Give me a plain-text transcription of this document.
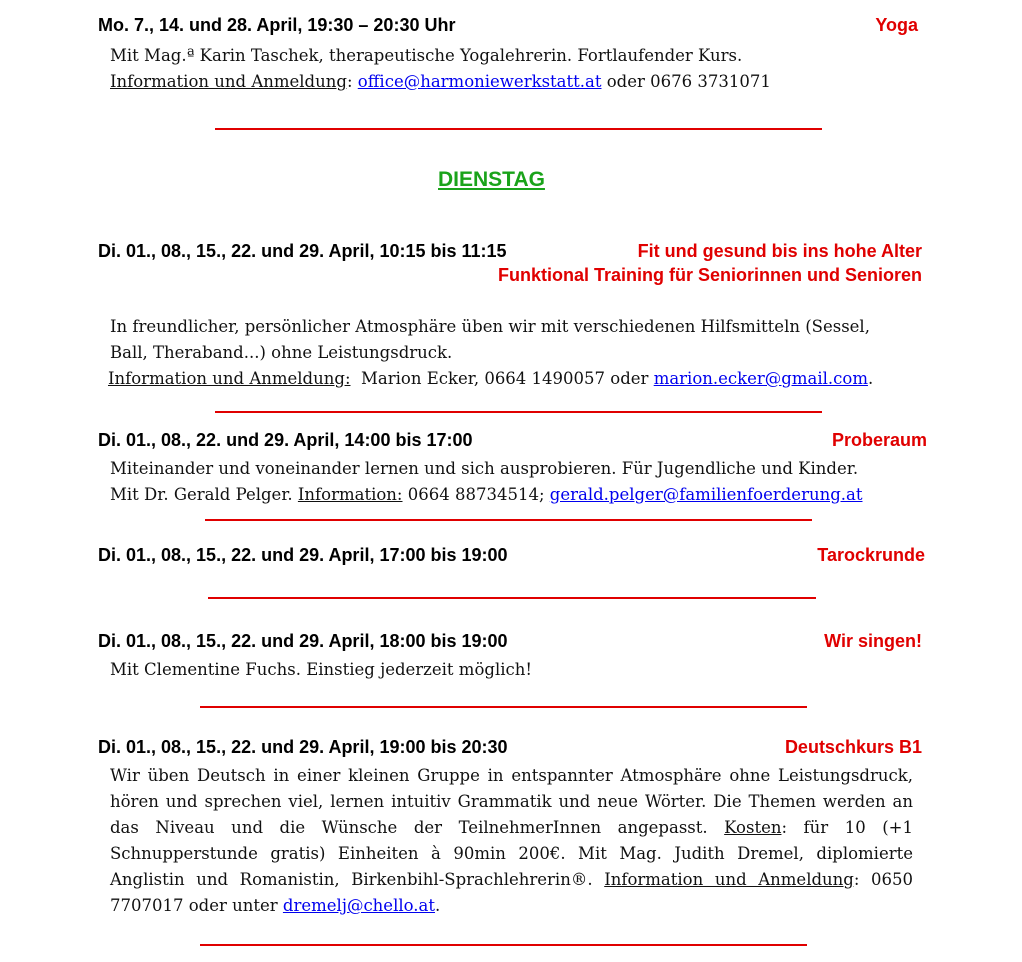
Mo. 7., 14. und 28. April, 19:30 – 20:30 Uhr	Yoga
Mit Mag.ª Karin Taschek, therapeutische Yogalehrerin. Fortlaufender Kurs.
Information und Anmeldung: office@harmoniewerkstatt.at oder 0676 3731071
DIENSTAG
Di. 01., 08., 15., 22. und 29. April, 10:15 bis 11:15	Fit und gesund bis ins hohe Alter
Funktional Training für Seniorinnen und Senioren
In freundlicher, persönlicher Atmosphäre üben wir mit verschiedenen Hilfsmitteln (Sessel,
Ball, Theraband...) ohne Leistungsdruck.
Information und Anmeldung: Marion Ecker, 0664 1490057 oder marion.ecker@gmail.com.
Di. 01., 08., 22. und 29. April, 14:00 bis 17:00	Proberaum
Miteinander und voneinander lernen und sich ausprobieren. Für Jugendliche und Kinder.
Mit Dr. Gerald Pelger. Information: 0664 88734514; gerald.pelger@familienfoerderung.at
Di. 01., 08., 15., 22. und 29. April, 17:00 bis 19:00	Tarockrunde
Di. 01., 08., 15., 22. und 29. April, 18:00 bis 19:00	Wir singen!
Mit Clementine Fuchs. Einstieg jederzeit möglich!
Di. 01., 08., 15., 22. und 29. April, 19:00 bis 20:30	Deutschkurs B1
Wir üben Deutsch in einer kleinen Gruppe in entspannter Atmosphäre ohne Leistungsdruck, hören und sprechen viel, lernen intuitiv Grammatik und neue Wörter. Die Themen werden an das Niveau und die Wünsche der TeilnehmerInnen angepasst. Kosten: für 10 (+1 Schnupperstunde gratis) Einheiten à 90min 200€. Mit Mag. Judith Dremel, diplomierte Anglistin und Romanistin, Birkenbihl-Sprachlehrerin®. Information und Anmeldung: 0650 7707017 oder unter dremelj@chello.at.
